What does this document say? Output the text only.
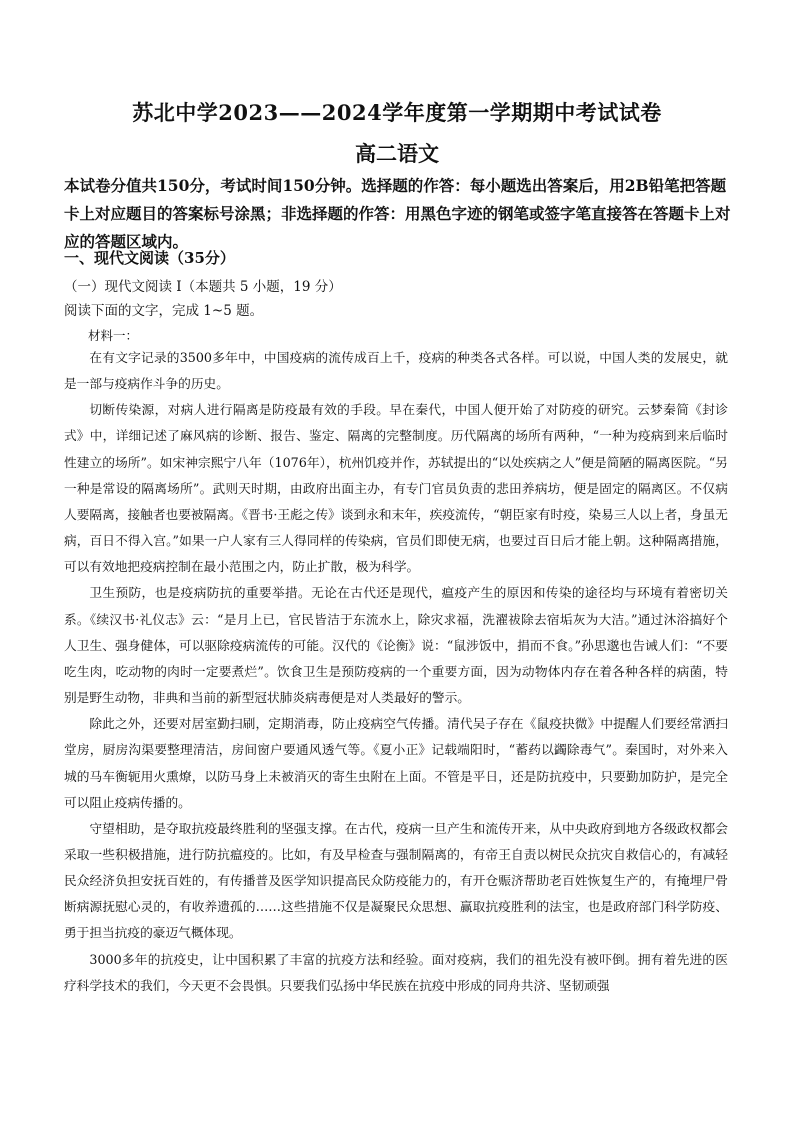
苏北中学2023——2024学年度第一学期期中考试试卷
高二语文
本试卷分值共150分，考试时间150分钟。选择题的作答：每小题选出答案后，用2B铅笔把答题卡上对应题目的答案标号涂黑；非选择题的作答：用黑色字迹的钢笔或签字笔直接答在答题卡上对应的答题区域内。
一、现代文阅读（35分）
（一）现代文阅读 I（本题共 5 小题，19 分）
阅读下面的文字，完成 1~5 题。
材料一：

在有文字记录的3500多年中，中国疫病的流传成百上千，疫病的种类各式各样。可以说，中国人类的发展史，就是一部与疫病作斗争的历史。

切断传染源，对病人进行隔离是防疫最有效的手段。早在秦代，中国人便开始了对防疫的研究。云梦秦简《封诊式》中，详细记述了麻风病的诊断、报告、鉴定、隔离的完整制度。历代隔离的场所有两种，“一种为疫病到来后临时性建立的场所”。如宋神宗熙宁八年（1076年），杭州饥疫并作，苏轼提出的“以处疾病之人”便是简陋的隔离医院。“另一种是常设的隔离场所”。武则天时期，由政府出面主办，有专门官员负责的悲田养病坊，便是固定的隔离区。不仅病人要隔离，接触者也要被隔离。《晋书·王彪之传》谈到永和末年，疾疫流传，“朝臣家有时疫，染易三人以上者，身虽无病，百日不得入宫。”如果一户人家有三人得同样的传染病，官员们即使无病，也要过百日后才能上朝。这种隔离措施，可以有效地把疫病控制在最小范围之内，防止扩散，极为科学。

卫生预防，也是疫病防抗的重要举措。无论在古代还是现代，瘟疫产生的原因和传染的途径均与环境有着密切关系。《续汉书·礼仪志》云：“是月上已，官民皆洁于东流水上，除灾求福，洗濯祓除去宿垢灰为大洁。”通过沐浴搞好个人卫生、强身健体，可以驱除疫病流传的可能。汉代的《论衡》说：“鼠涉饭中，捐而不食。”孙思邈也告诫人们：“不要吃生肉，吃动物的肉时一定要煮烂”。饮食卫生是预防疫病的一个重要方面，因为动物体内存在着各种各样的病菌，特别是野生动物，非典和当前的新型冠状肺炎病毒便是对人类最好的警示。

除此之外，还要对居室勤扫刷，定期消毒，防止疫病空气传播。清代吴子存在《鼠疫抉微》中提醒人们要经常洒扫堂房，厨房沟渠要整理清洁，房间窗户要通风透气等。《夏小正》记载端阳时，“蓄药以蠲除毒气”。秦国时，对外来入城的马车衡轭用火熏燎，以防马身上未被消灭的寄生虫附在上面。不管是平日，还是防抗疫中，只要勤加防护，是完全可以阻止疫病传播的。

守望相助，是夺取抗疫最终胜利的坚强支撑。在古代，疫病一旦产生和流传开来，从中央政府到地方各级政权都会采取一些积极措施，进行防抗瘟疫的。比如，有及早检查与强制隔离的，有帝王自责以树民众抗灾自救信心的，有减轻民众经济负担安抚百姓的，有传播普及医学知识提高民众防疫能力的，有开仓赈济帮助老百姓恢复生产的，有掩埋尸骨断病源抚慰心灵的，有收养遗孤的……这些措施不仅是凝聚民众思想、赢取抗疫胜利的法宝，也是政府部门科学防疫、勇于担当抗疫的豪迈气概体现。

3000多年的抗疫史，让中国积累了丰富的抗疫方法和经验。面对疫病，我们的祖先没有被吓倒。拥有着先进的医疗科学技术的我们，今天更不会畏惧。只要我们弘扬中华民族在抗疫中形成的同舟共济、坚韧顽强
